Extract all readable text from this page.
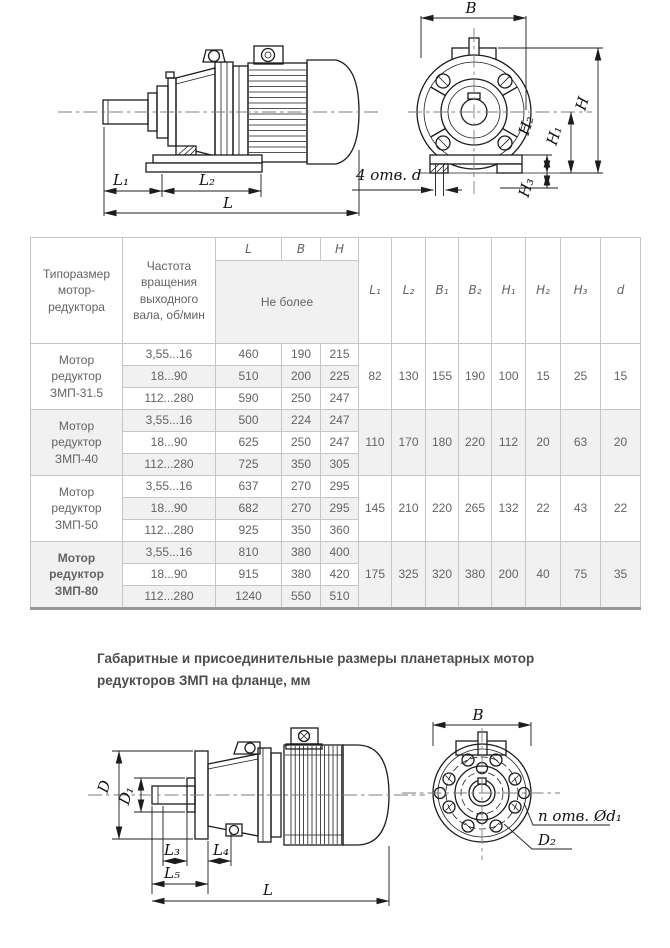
L₁	L₂
L
B
H
H₁
H₂
H₃
4 отв. d
Типоразмер мотор-редуктора	Частота вращения выходного вала, об/мин	L	B	H	L₁	L₂	B₁	B₂	H₁	H₂	H₃	d
		Не более										
Мотор редуктор ЗМП-31.5	3,55...16	460	190	215	82	130	155	190	100	15	25	15
	18...90	510	200	225								
	112...280	590	250	247								
Мотор редуктор ЗМП-40	3,55...16	500	224	247	110	170	180	220	112	20	63	20
	18...90	625	250	247								
	112...280	725	350	305								
Мотор редуктор ЗМП-50	3,55...16	637	270	295	145	210	220	265	132	22	43	22
	18...90	682	270	295								
	112...280	925	350	360								
Мотор редуктор ЗМП-80	3,55...16	810	380	400	175	325	320	380	200	40	75	35
	18...90	915	380	420								
	112...280	1240	550	510								

Габаритные и присоединительные размеры планетарных мотор редукторов ЗМП на фланце, мм

D D₁
L₃ L₄
L₅
L
B
n отв. Ød₁
D₂
